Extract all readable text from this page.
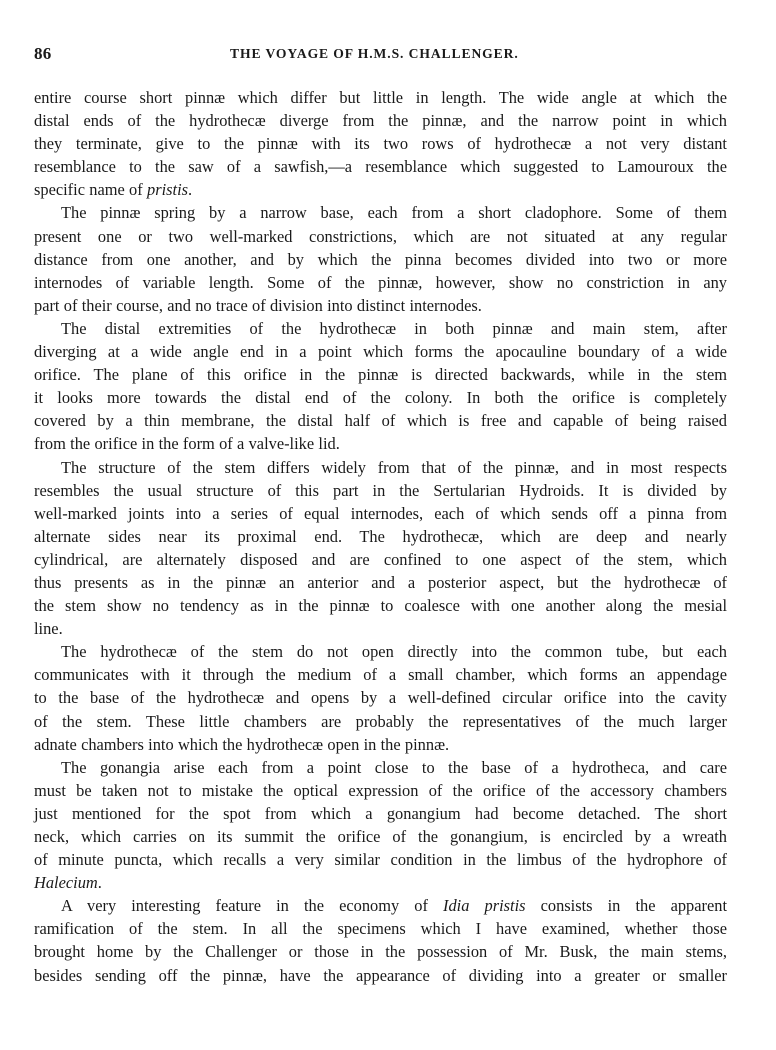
86	THE VOYAGE OF H.M.S. CHALLENGER.

entire course short pinnæ which differ but little in length. The wide angle at which the
distal ends of the hydrothecæ diverge from the pinnæ, and the narrow point in which
they terminate, give to the pinnæ with its two rows of hydrothecæ a not very distant
resemblance to the saw of a sawfish,—a resemblance which suggested to Lamouroux the
specific name of pristis.

The pinnæ spring by a narrow base, each from a short cladophore. Some of them
present one or two well-marked constrictions, which are not situated at any regular
distance from one another, and by which the pinna becomes divided into two or more
internodes of variable length. Some of the pinnæ, however, show no constriction in any
part of their course, and no trace of division into distinct internodes.

The distal extremities of the hydrothecæ in both pinnæ and main stem, after
diverging at a wide angle end in a point which forms the apocauline boundary of a wide
orifice. The plane of this orifice in the pinnæ is directed backwards, while in the stem
it looks more towards the distal end of the colony. In both the orifice is completely
covered by a thin membrane, the distal half of which is free and capable of being raised
from the orifice in the form of a valve-like lid.

The structure of the stem differs widely from that of the pinnæ, and in most respects
resembles the usual structure of this part in the Sertularian Hydroids. It is divided by
well-marked joints into a series of equal internodes, each of which sends off a pinna from
alternate sides near its proximal end. The hydrothecæ, which are deep and nearly
cylindrical, are alternately disposed and are confined to one aspect of the stem, which
thus presents as in the pinnæ an anterior and a posterior aspect, but the hydrothecæ of
the stem show no tendency as in the pinnæ to coalesce with one another along the mesial
line.

The hydrothecæ of the stem do not open directly into the common tube, but each
communicates with it through the medium of a small chamber, which forms an appendage
to the base of the hydrothecæ and opens by a well-defined circular orifice into the cavity
of the stem. These little chambers are probably the representatives of the much larger
adnate chambers into which the hydrothecæ open in the pinnæ.

The gonangia arise each from a point close to the base of a hydrotheca, and care
must be taken not to mistake the optical expression of the orifice of the accessory chambers
just mentioned for the spot from which a gonangium had become detached. The short
neck, which carries on its summit the orifice of the gonangium, is encircled by a wreath
of minute puncta, which recalls a very similar condition in the limbus of the hydrophore of
Halecium.

A very interesting feature in the economy of Idia pristis consists in the apparent
ramification of the stem. In all the specimens which I have examined, whether those
brought home by the Challenger or those in the possession of Mr. Busk, the main stems,
besides sending off the pinnæ, have the appearance of dividing into a greater or smaller
